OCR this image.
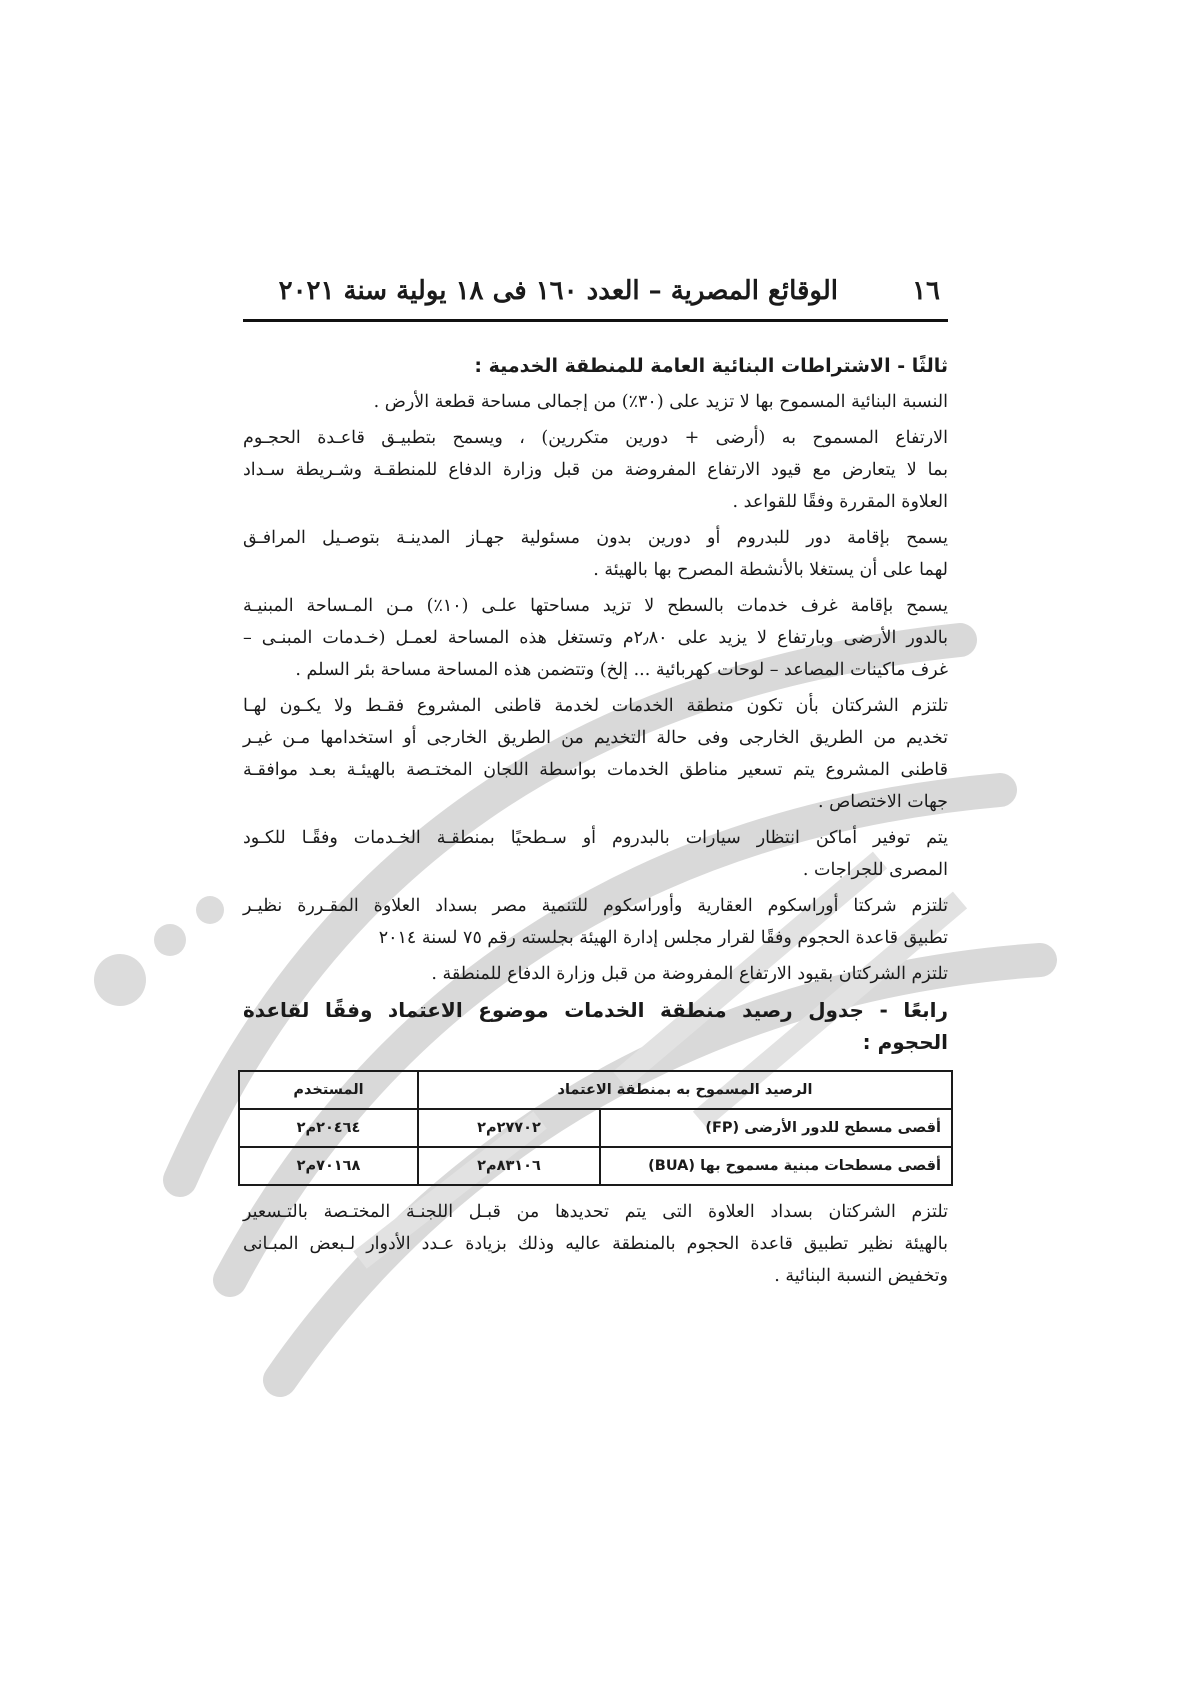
١٦
الوقائع المصرية – العدد ١٦٠ فى ١٨ يولية سنة ٢٠٢١
ثالثًا - الاشتراطات البنائية العامة للمنطقة الخدمية :
النسبة البنائية المسموح بها لا تزيد على (٣٠٪) من إجمالى مساحة قطعة الأرض .
الارتفاع المسموح به (أرضى + دورين متكررين) ، ويسمح بتطبيـق قاعـدة الحجـوم
بما لا يتعارض مع قيود الارتفاع المفروضة من قبل وزارة الدفاع للمنطقـة وشـريطة سـداد
العلاوة المقررة وفقًا للقواعد .
يسمح بإقامة دور للبدروم أو دورين بدون مسئولية جهـاز المدينـة بتوصـيل المرافـق
لهما على أن يستغلا بالأنشطة المصرح بها بالهيئة .
يسمح بإقامة غرف خدمات بالسطح لا تزيد مساحتها علـى (١٠٪) مـن المـساحة المبنيـة
بالدور الأرضى وبارتفاع لا يزيد على ٢٫٨٠م وتستغل هذه المساحة لعمـل (خـدمات المبنـى –
غرف ماكينات المصاعد – لوحات كهربائية ... إلخ) وتتضمن هذه المساحة مساحة بئر السلم .
تلتزم الشركتان بأن تكون منطقة الخدمات لخدمة قاطنى المشروع فقـط ولا يكـون لهـا
تخديم من الطريق الخارجى وفى حالة التخديم من الطريق الخارجى أو استخدامها مـن غيـر
قاطنى المشروع يتم تسعير مناطق الخدمات بواسطة اللجان المختـصة بالهيئـة بعـد موافقـة
جهات الاختصاص .
يتم توفير أماكن انتظار سيارات بالبدروم أو سـطحيًا بمنطقـة الخـدمات وفقًـا للكـود
المصرى للجراجات .
تلتزم شركتا أوراسكوم العقارية وأوراسكوم للتنمية مصر بسداد العلاوة المقـررة نظيـر
تطبيق قاعدة الحجوم وفقًا لقرار مجلس إدارة الهيئة بجلسته رقم ٧٥ لسنة ٢٠١٤
تلتزم الشركتان بقيود الارتفاع المفروضة من قبل وزارة الدفاع للمنطقة .
رابعًا - جدول رصيد منطقة الخدمات موضوع الاعتماد وفقًا لقاعدة الحجوم :
الرصيد المسموح به بمنطقة الاعتماد		المستخدم
أقصى مسطح للدور الأرضى (FP)	٢٧٧٠٢م٢	٢٠٤٦٤م٢
أقصى مسطحات مبنية مسموح بها (BUA)	٨٣١٠٦م٢	٧٠١٦٨م٢
تلتزم الشركتان بسداد العلاوة التى يتم تحديدها من قبـل اللجنـة المختـصة بالتـسعير
بالهيئة نظير تطبيق قاعدة الحجوم بالمنطقة عاليه وذلك بزيادة عـدد الأدوار لـبعض المبـانى
وتخفيض النسبة البنائية .
